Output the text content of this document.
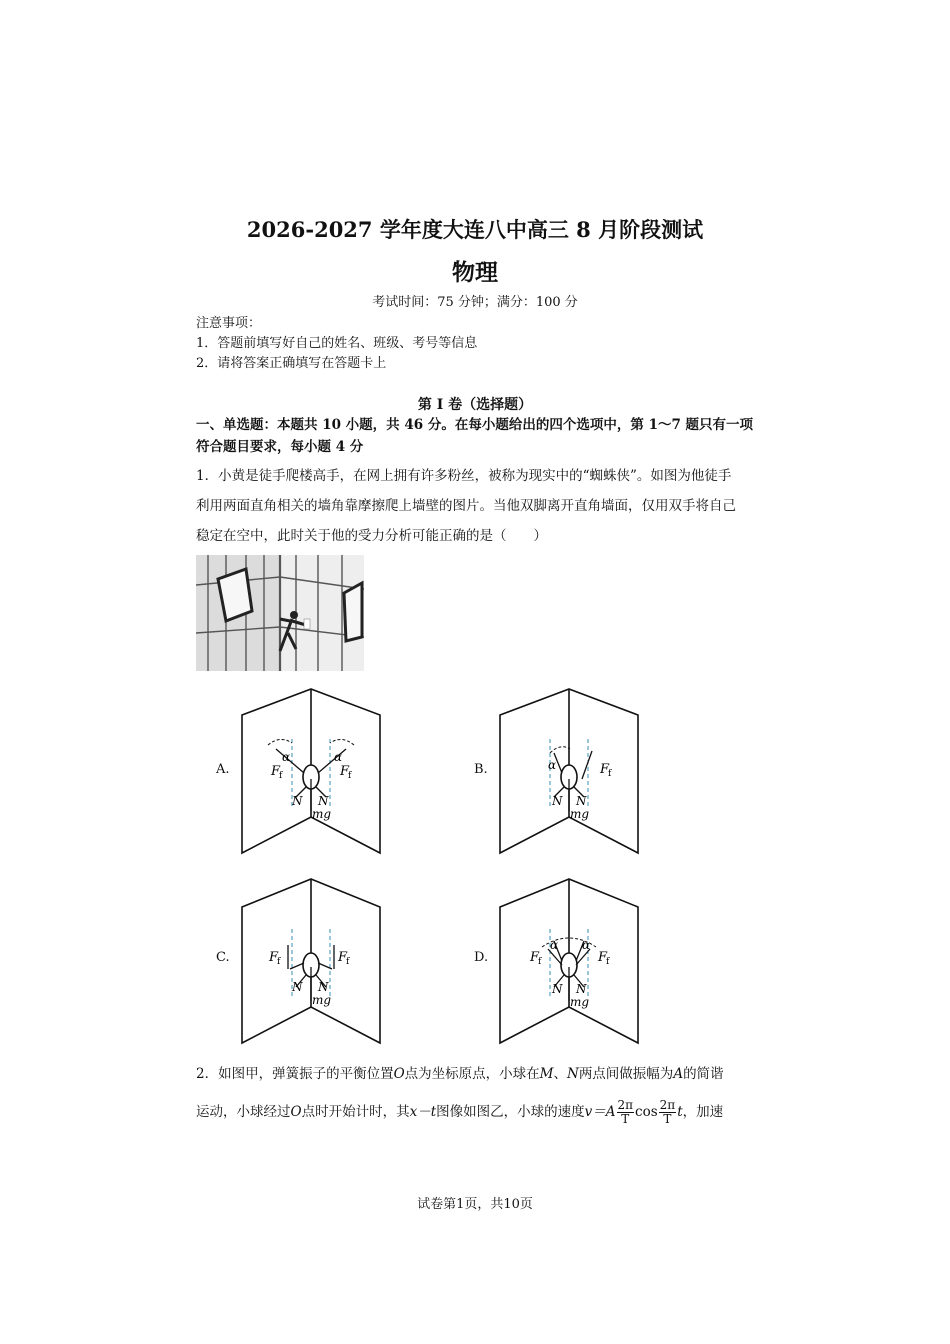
2026-2027 学年度大连八中高三 8 月阶段测试
物理
考试时间：75 分钟；满分：100 分
注意事项：
1．答题前填写好自己的姓名、班级、考号等信息
2．请将答案正确填写在答题卡上
第 I 卷（选择题）
一、单选题：本题共 10 小题，共 46 分。在每小题给出的四个选项中，第 1～7 题只有一项
符合题目要求，每小题 4 分
1．小黄是徒手爬楼高手，在网上拥有许多粉丝，被称为现实中的“蜘蛛侠”。如图为他徒手
利用两面直角相关的墙角靠摩擦爬上墙壁的图片。当他双脚离开直角墙面，仅用双手将自己
稳定在空中，此时关于他的受力分析可能正确的是（　　）
A.	F
f	F
f
α	α
N N
mg
B.	F
f
α
N N
mg
C.	F
f	F
f
N N
mg
D.	F
f	F
f
α α
N N
mg
2．如图甲，弹簧振子的平衡位置O点为坐标原点，小球在M、N两点间做振幅为A的简谐
运动，小球经过O点时开始计时，其x－t图像如图乙，小球的速度$v=A \frac{2\pi}{T}$ $\cos \frac{2\pi}{T}$ t，加速
试卷第1页，共10页
